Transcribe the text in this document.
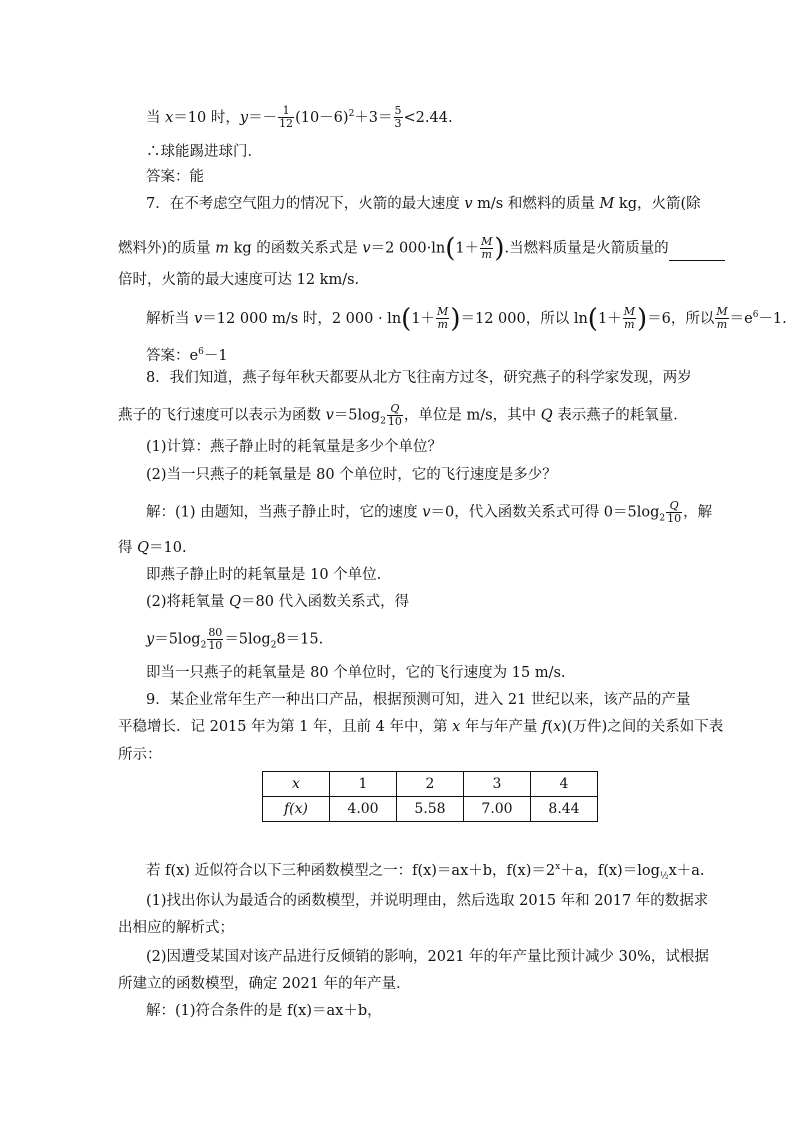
当 x＝10 时，$y=- \frac{1}{12} (10-6)^2+3= \frac{5}{3} <2.44$.
∴球能踢进球门．
答案：能
7．在不考虑空气阻力的情况下，火箭的最大速度 v m/s 和燃料的质量 M kg，火箭(除
燃料外)的质量 m kg 的函数关系式是 v＝2 $000\cdot\ln(1+ \frac{M}{m}$ ).当燃料质量是火箭质量的
倍时，火箭的最大速度可达 12 km/s.
解析当 v＝12 000 m/s 时，2 $000 \cdot \ln(1+ \frac{M}{m} )=12$ 000，所以 $\ln(1+ \frac{M}{m} )=6$，所以 $\frac{M}{m} =e^6-1$.
答案：$e^6-1$
8．我们知道，燕子每年秋天都要从北方飞往南方过冬，研究燕子的科学家发现，两岁
燕子的飞行速度可以表示为函数 $v=5\log_2 \frac{Q}{10}$ ，单位是 m/s，其中 Q 表示燕子的耗氧量．
(1)计算：燕子静止时的耗氧量是多少个单位？
(2)当一只燕子的耗氧量是 80 个单位时，它的飞行速度是多少？
解：(1) 由题知，当燕子静止时，它的速度 v＝0，代入函数关系式可得 $0=5\log_2 \frac{Q}{10}$ ，解
得 Q＝10.
即燕子静止时的耗氧量是 10 个单位.
(2)将耗氧量 Q＝80 代入函数关系式，得
$y=5\log_2 \frac{80}{10} =5\log_28=15$.
即当一只燕子的耗氧量是 80 个单位时，它的飞行速度为 15 m/s.
9．某企业常年生产一种出口产品，根据预测可知，进入 21 世纪以来，该产品的产量
平稳增长．记 2015 年为第 1 年，且前 4 年中，第 x 年与年产量 f(x)(万件)之间的关系如下表
所示：
x	1	2	3	4
f(x)	4.00	5.58	7.00	8.44
若 f(x) 近似符合以下三种函数模型之一：f(x)＝ax＋b，$f(x)=2^x+a$，$f(x)=\log_{\frac{1}{2}}x+a$.
(1)找出你认为最适合的函数模型，并说明理由，然后选取 2015 年和 2017 年的数据求
出相应的解析式；
(2)因遭受某国对该产品进行反倾销的影响，2021 年的年产量比预计减少 30%，试根据
所建立的函数模型，确定 2021 年的年产量．
解：(1)符合条件的是 f(x)＝ax＋b，
